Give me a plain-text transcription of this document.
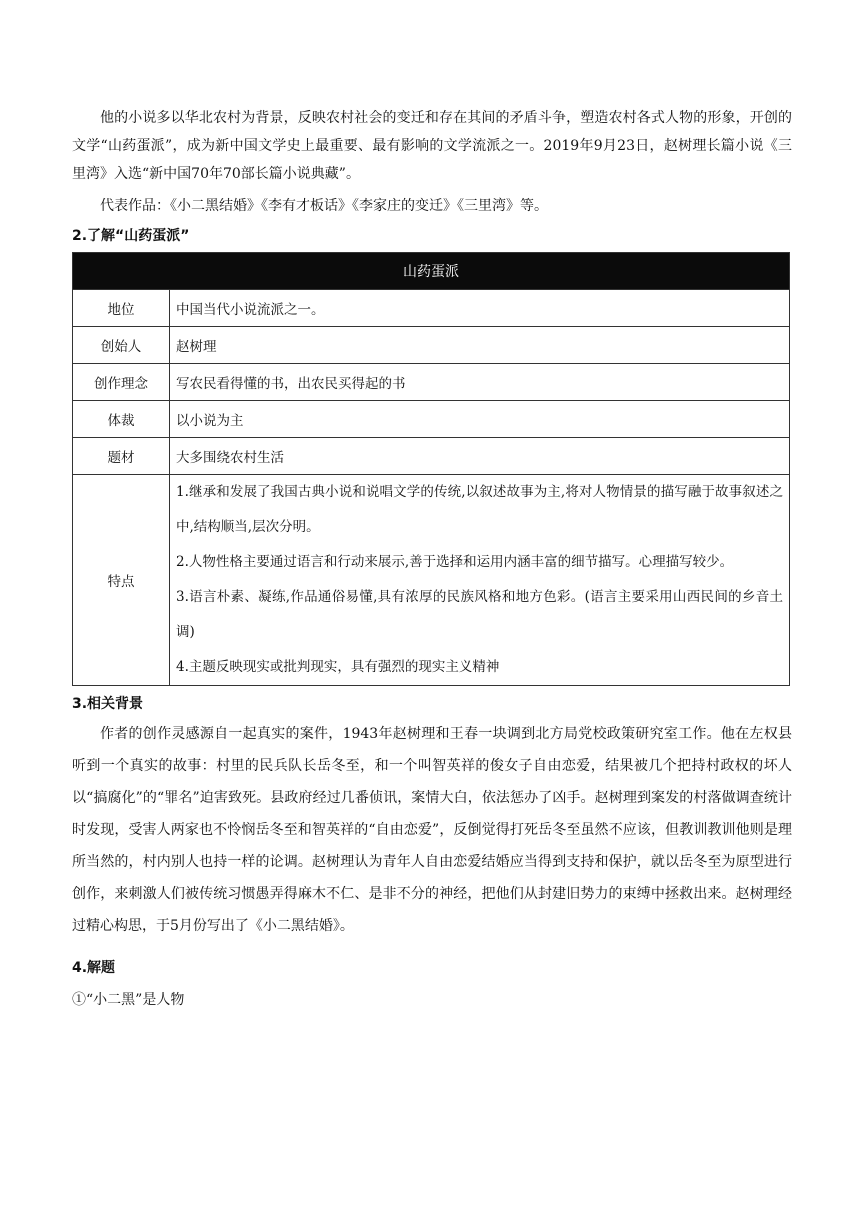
他的小说多以华北农村为背景，反映农村社会的变迁和存在其间的矛盾斗争，塑造农村各式人物的形象，开创的文学“山药蛋派”，成为新中国文学史上最重要、最有影响的文学流派之一。2019年9月23日，赵树理长篇小说《三里湾》入选“新中国70年70部长篇小说典藏”。

代表作品：《小二黑结婚》《李有才板话》《李家庄的变迁》《三里湾》等。

2.了解“山药蛋派”

山药蛋派	
地位	中国当代小说流派之一。
创始人	赵树理
创作理念	写农民看得懂的书，出农民买得起的书
体裁	以小说为主
题材	大多围绕农村生活
特点	1.继承和发展了我国古典小说和说唱文学的传统,以叙述故事为主,将对人物情景的描写融于故事叙述之中,结构顺当,层次分明。
2.人物性格主要通过语言和行动来展示,善于选择和运用内涵丰富的细节描写。心理描写较少。
3.语言朴素、凝练,作品通俗易懂,具有浓厚的民族风格和地方色彩。(语言主要采用山西民间的乡音土调)
4.主题反映现实或批判现实，具有强烈的现实主义精神

3.相关背景

作者的创作灵感源自一起真实的案件，1943年赵树理和王春一块调到北方局党校政策研究室工作。他在左权县听到一个真实的故事：村里的民兵队长岳冬至，和一个叫智英祥的俊女子自由恋爱，结果被几个把持村政权的坏人以“搞腐化”的“罪名”迫害致死。县政府经过几番侦讯，案情大白，依法惩办了凶手。赵树理到案发的村落做调查统计时发现，受害人两家也不怜悯岳冬至和智英祥的“自由恋爱”，反倒觉得打死岳冬至虽然不应该，但教训教训他则是理所当然的，村内别人也持一样的论调。赵树理认为青年人自由恋爱结婚应当得到支持和保护，就以岳冬至为原型进行创作，来刺激人们被传统习惯愚弄得麻木不仁、是非不分的神经，把他们从封建旧势力的束缚中拯救出来。赵树理经过精心构思，于5月份写出了《小二黑结婚》。

4.解题

①“小二黑”是人物
